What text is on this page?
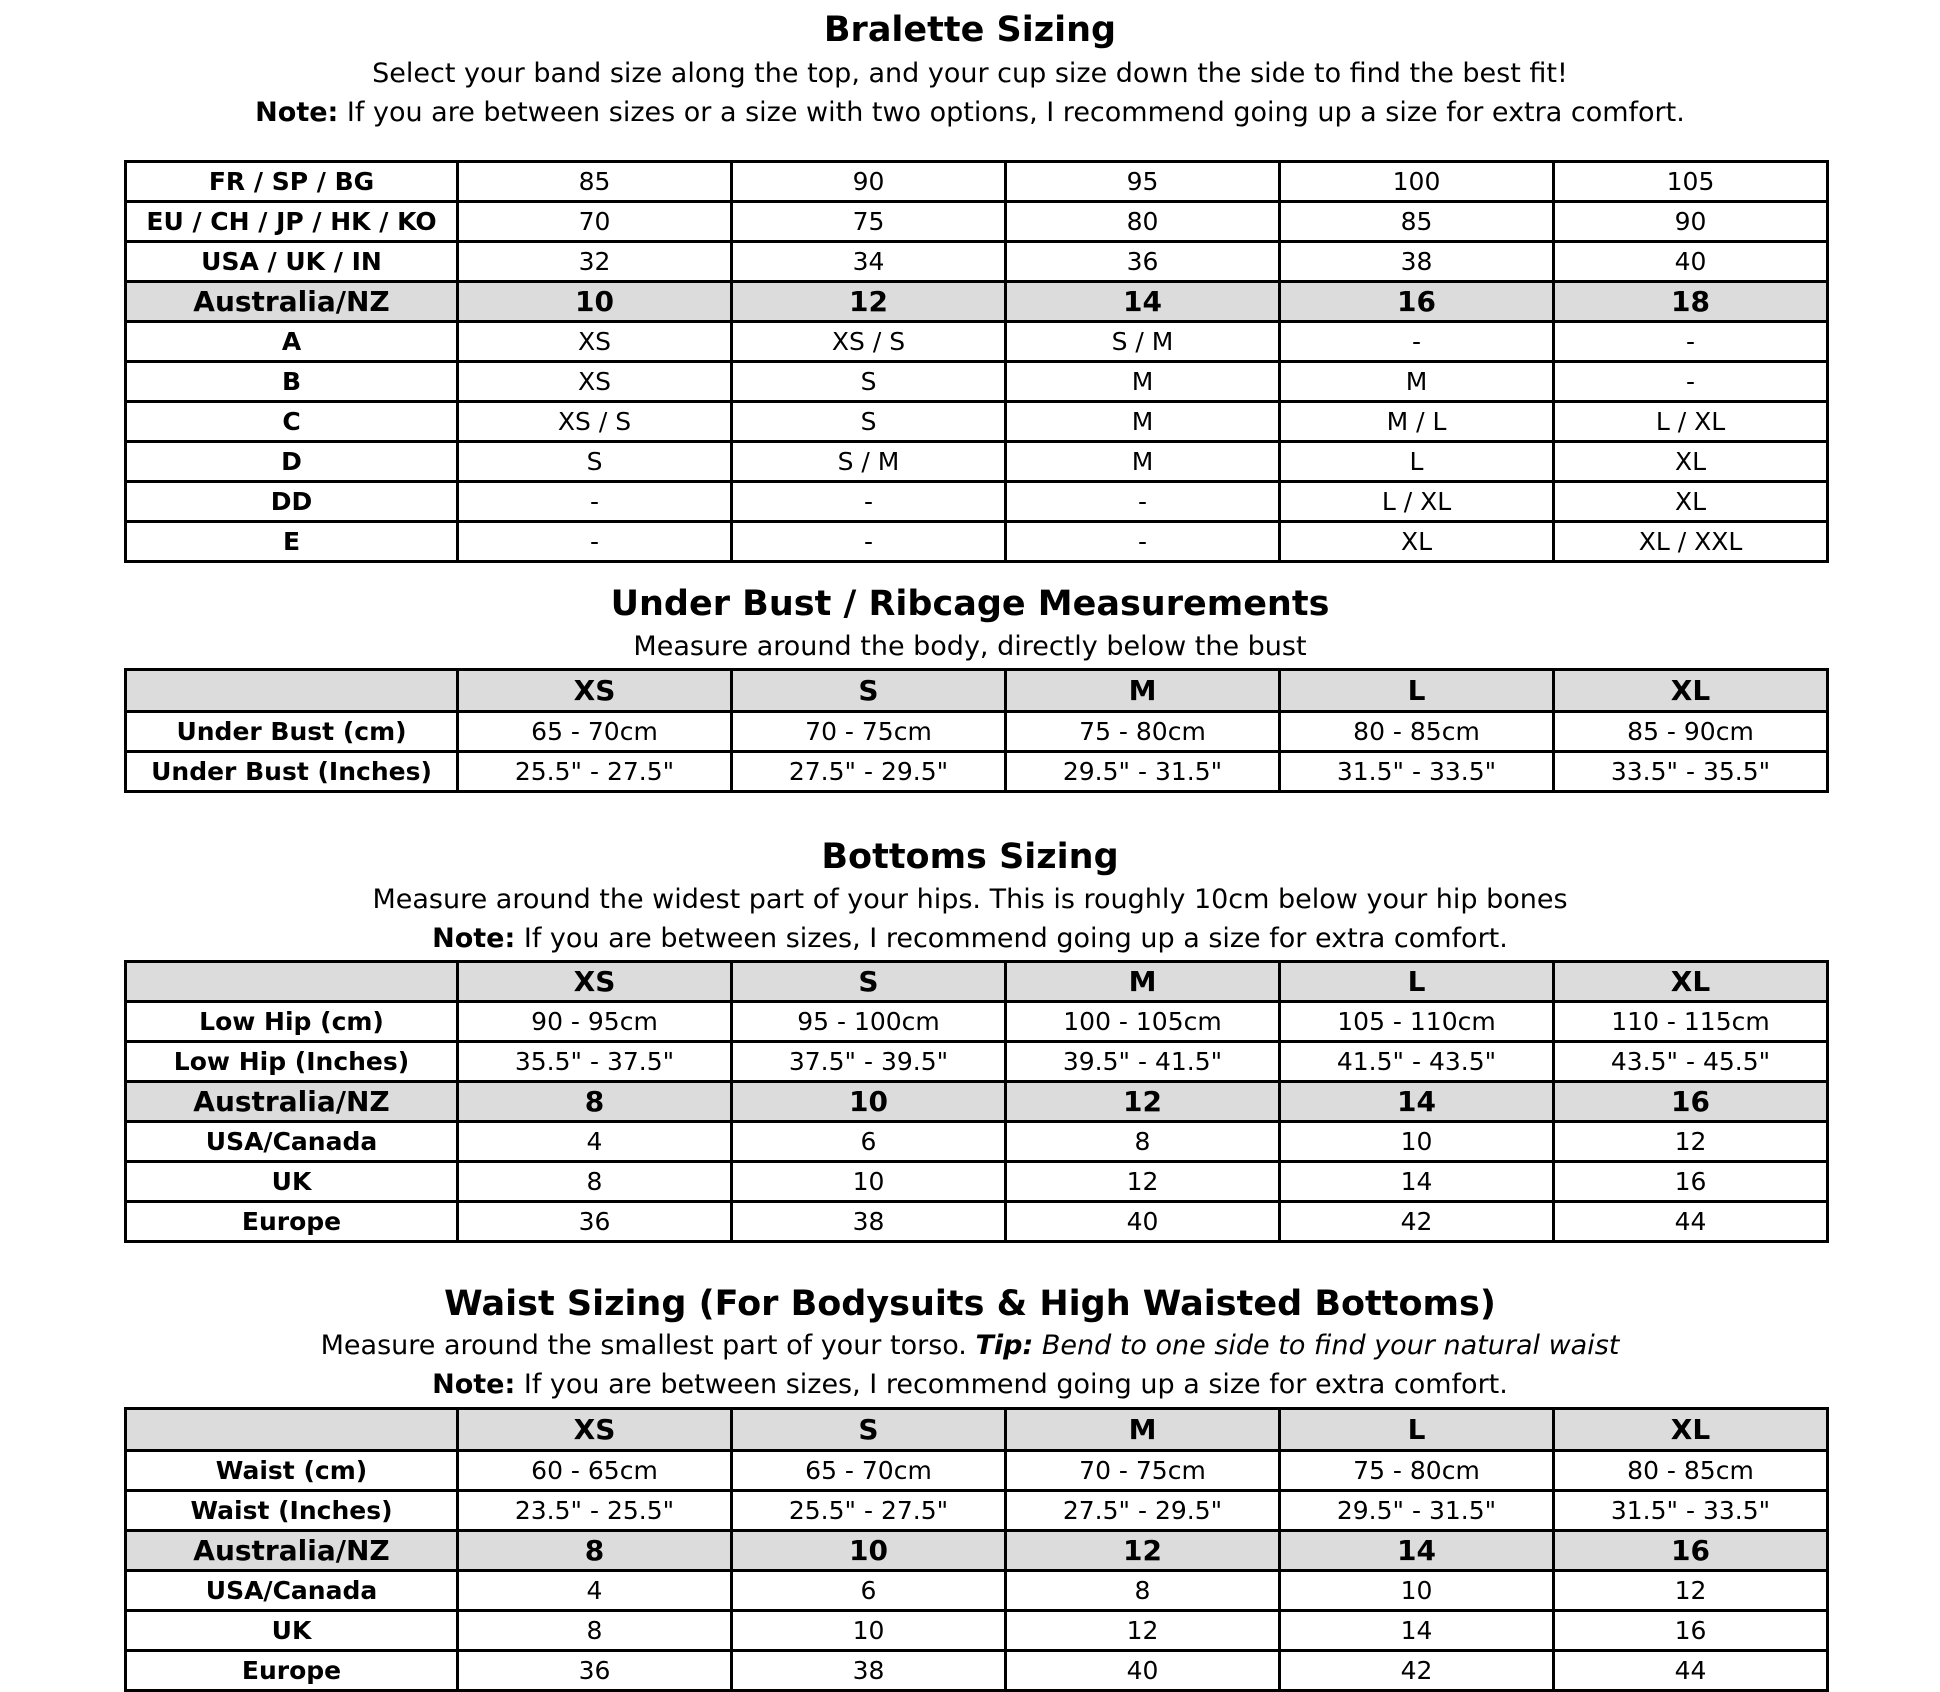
Bralette Sizing

Select your band size along the top, and your cup size down the side to find the best fit!

Note: If you are between sizes or a size with two options, I recommend going up a size for extra comfort.

FR / SP / BG	85	90	95	100	105
EU / CH / JP / HK / KO	70	75	80	85	90
USA / UK / IN	32	34	36	38	40
Australia/NZ	10	12	14	16	18
A	XS	XS / S	S / M	-	-
B	XS	S	M	M	-
C	XS / S	S	M	M / L	L / XL
D	S	S / M	M	L	XL
DD	-	-	-	L / XL	XL
E	-	-	-	XL	XL / XXL
Under Bust / Ribcage Measurements

Measure around the body, directly below the bust

	XS	S	M	L	XL
Under Bust (cm)	65 - 70cm	70 - 75cm	75 - 80cm	80 - 85cm	85 - 90cm
Under Bust (Inches)	25.5" - 27.5"	27.5" - 29.5"	29.5" - 31.5"	31.5" - 33.5"	33.5" - 35.5"
Bottoms Sizing

Measure around the widest part of your hips. This is roughly 10cm below your hip bones

Note: If you are between sizes, I recommend going up a size for extra comfort.

	XS	S	M	L	XL
Low Hip (cm)	90 - 95cm	95 - 100cm	100 - 105cm	105 - 110cm	110 - 115cm
Low Hip (Inches)	35.5" - 37.5"	37.5" - 39.5"	39.5" - 41.5"	41.5" - 43.5"	43.5" - 45.5"
Australia/NZ	8	10	12	14	16
USA/Canada	4	6	8	10	12
UK	8	10	12	14	16
Europe	36	38	40	42	44
Waist Sizing (For Bodysuits & High Waisted Bottoms)

Measure around the smallest part of your torso. Tip: Bend to one side to find your natural waist

Note: If you are between sizes, I recommend going up a size for extra comfort.

	XS	S	M	L	XL
Waist (cm)	60 - 65cm	65 - 70cm	70 - 75cm	75 - 80cm	80 - 85cm
Waist (Inches)	23.5" - 25.5"	25.5" - 27.5"	27.5" - 29.5"	29.5" - 31.5"	31.5" - 33.5"
Australia/NZ	8	10	12	14	16
USA/Canada	4	6	8	10	12
UK	8	10	12	14	16
Europe	36	38	40	42	44
